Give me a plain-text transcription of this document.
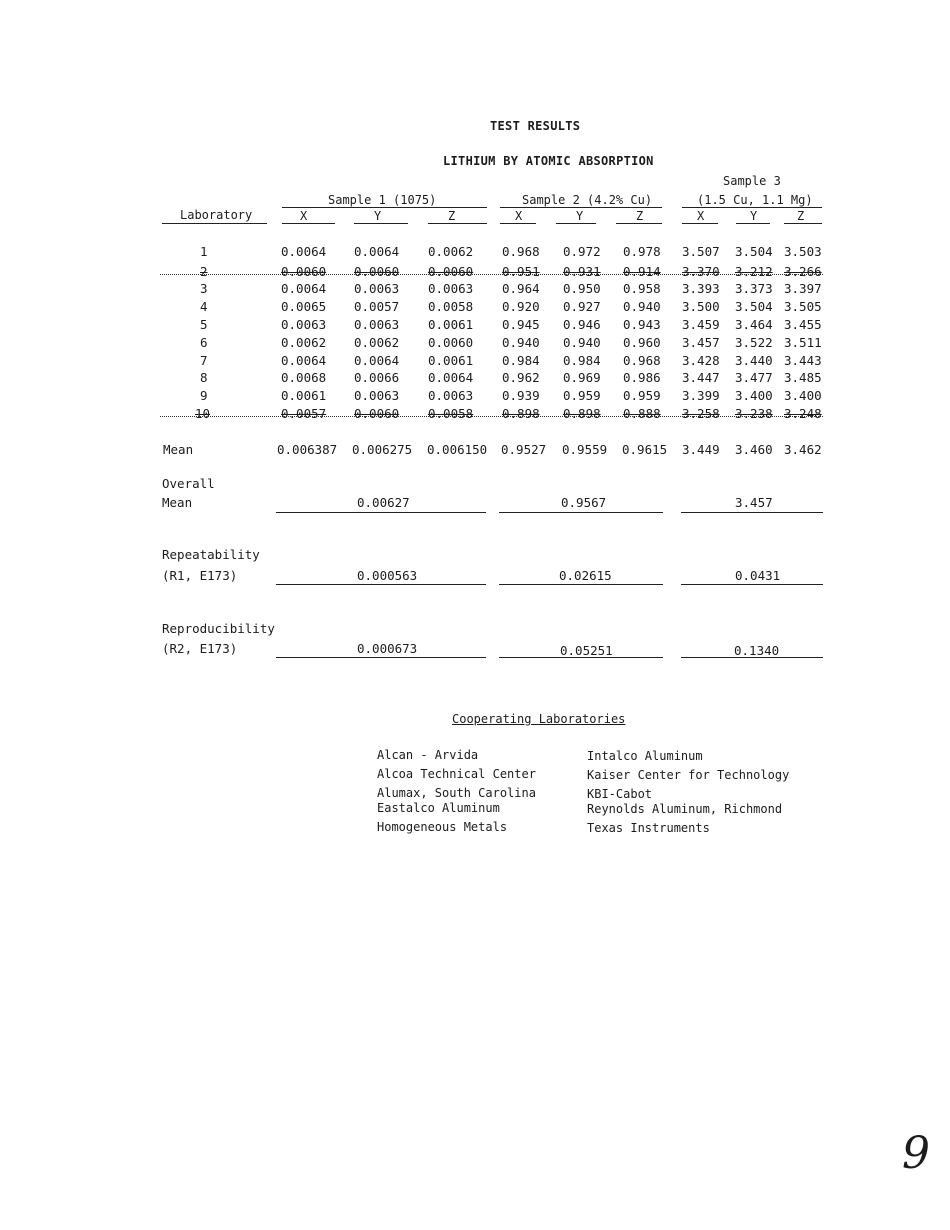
TEST RESULTS
LITHIUM BY ATOMIC ABSORPTION
Sample 3
Sample 1 (1075)	Sample 2 (4.2% Cu)	(1.5 Cu, 1.1 Mg)
Laboratory	X	Y	Z	X	Y	Z	X	Y	Z
1	0.0064 0.0064 0.0062 0.968 0.972 0.978 3.507 3.504 3.503
2	0.0060 0.0060 0.0060 0.951 0.931 0.914 3.370 3.212 3.266
3	0.0064 0.0063 0.0063 0.964 0.950 0.958 3.393 3.373 3.397
4	0.0065 0.0057 0.0058 0.920 0.927 0.940 3.500 3.504 3.505
5	0.0063 0.0063 0.0061 0.945 0.946 0.943 3.459 3.464 3.455
6	0.0062 0.0062 0.0060 0.940 0.940 0.960 3.457 3.522 3.511
7	0.0064 0.0064 0.0061 0.984 0.984 0.968 3.428 3.440 3.443
8	0.0068 0.0066 0.0064 0.962 0.969 0.986 3.447 3.477 3.485
9	0.0061 0.0063 0.0063 0.939 0.959 0.959 3.399 3.400 3.400
10	0.0057 0.0060 0.0058 0.898 0.898 0.888 3.258 3.238 3.248
Mean	0.006387 0.006275 0.006150 0.9527 0.9559 0.9615 3.449 3.460 3.462
Overall
Mean	0.00627	0.9567	3.457
Repeatability
(R1, E173)	0.000563	0.02615	0.0431
Reproducibility
(R2, E173)	0.000673	0.05251	0.1340
Cooperating Laboratories
Alcan - Arvida
Alcoa Technical Center
Alumax, South Carolina
Eastalco Aluminum
Homogeneous Metals
Intalco Aluminum
Kaiser Center for Technology
KBI-Cabot
Reynolds Aluminum, Richmond
Texas Instruments
9
